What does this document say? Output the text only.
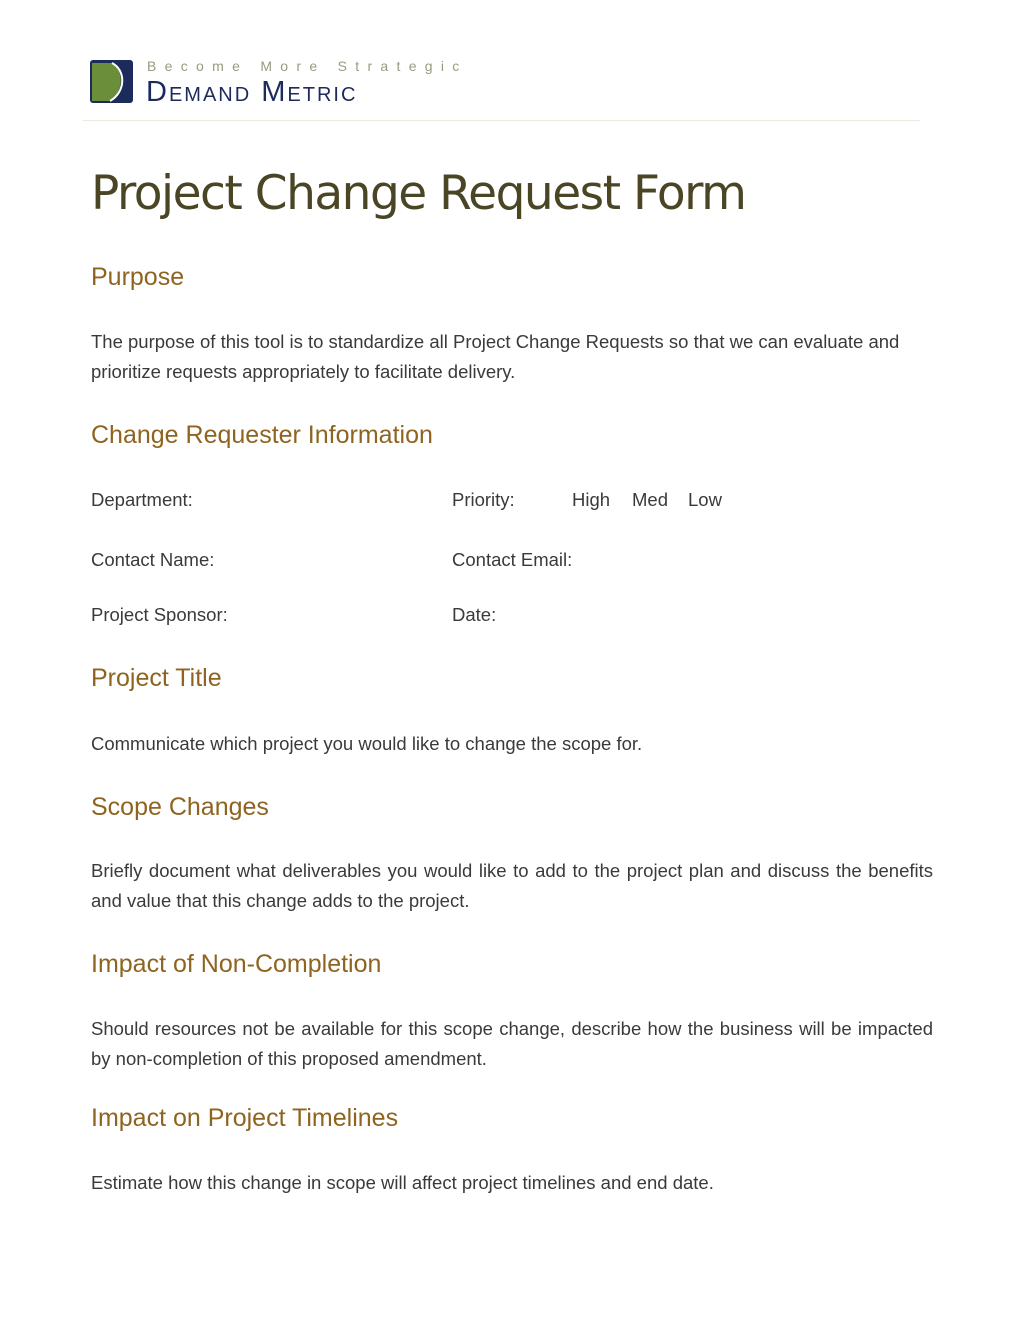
Become More Strategic
Demand Metric
Project Change Request Form
Purpose
The purpose of this tool is to standardize all Project Change Requests so that we can evaluate and prioritize requests appropriately to facilitate delivery.
Change Requester Information
Department:	Priority:	High Med Low
Contact Name:	Contact Email:
Project Sponsor:	Date:
Project Title
Communicate which project you would like to change the scope for.
Scope Changes
Briefly document what deliverables you would like to add to the project plan and discuss the benefits and value that this change adds to the project.
Impact of Non-Completion
Should resources not be available for this scope change, describe how the business will be impacted by non-completion of this proposed amendment.
Impact on Project Timelines
Estimate how this change in scope will affect project timelines and end date.
